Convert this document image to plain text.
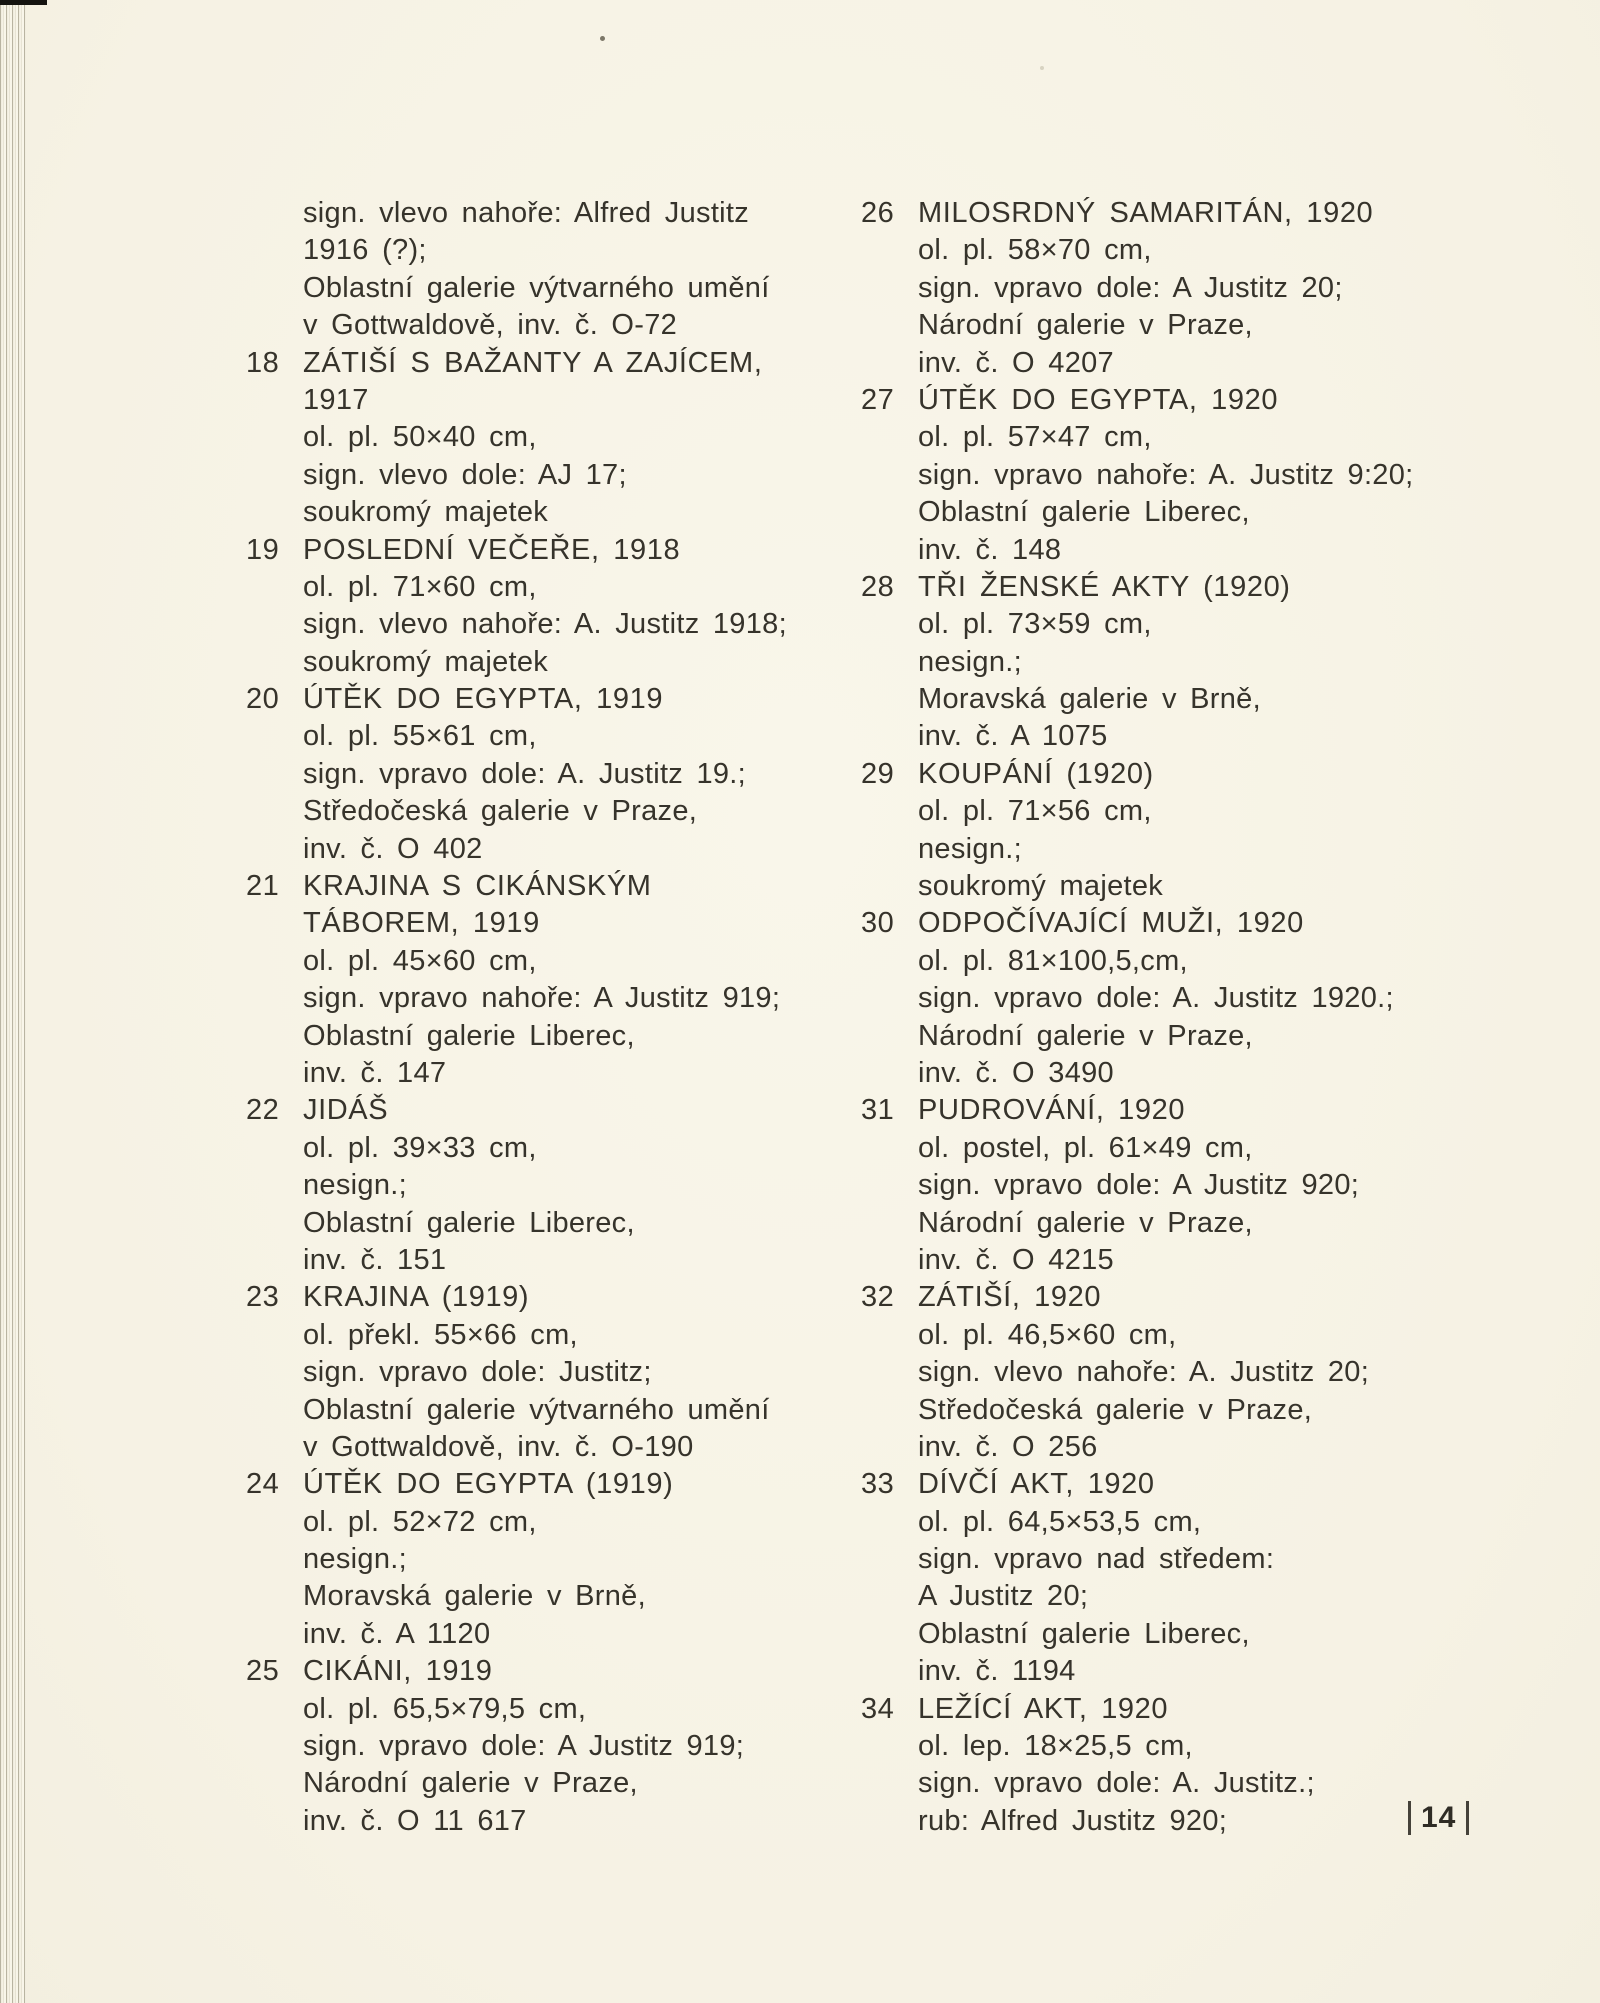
sign. vlevo nahoře: Alfred Justitz
1916 (?);
Oblastní galerie výtvarného umění
v Gottwaldově, inv. č. O-72
18 ZÁTIŠÍ S BAŽANTY A ZAJÍCEM,
1917
ol. pl. 50×40 cm,
sign. vlevo dole: AJ 17;
soukromý majetek
19 POSLEDNÍ VEČEŘE, 1918
ol. pl. 71×60 cm,
sign. vlevo nahoře: A. Justitz 1918;
soukromý majetek
20 ÚTĚK DO EGYPTA, 1919
ol. pl. 55×61 cm,
sign. vpravo dole: A. Justitz 19.;
Středočeská galerie v Praze,
inv. č. O 402
21 KRAJINA S CIKÁNSKÝM
TÁBOREM, 1919
ol. pl. 45×60 cm,
sign. vpravo nahoře: A Justitz 919;
Oblastní galerie Liberec,
inv. č. 147
22 JIDÁŠ
ol. pl. 39×33 cm,
nesign.;
Oblastní galerie Liberec,
inv. č. 151
23 KRAJINA (1919)
ol. překl. 55×66 cm,
sign. vpravo dole: Justitz;
Oblastní galerie výtvarného umění
v Gottwaldově, inv. č. O-190
24 ÚTĚK DO EGYPTA (1919)
ol. pl. 52×72 cm,
nesign.;
Moravská galerie v Brně,
inv. č. A 1120
25 CIKÁNI, 1919
ol. pl. 65,5×79,5 cm,
sign. vpravo dole: A Justitz 919;
Národní galerie v Praze,
inv. č. O 11 617
26 MILOSRDNÝ SAMARITÁN, 1920
ol. pl. 58×70 cm,
sign. vpravo dole: A Justitz 20;
Národní galerie v Praze,
inv. č. O 4207
27 ÚTĚK DO EGYPTA, 1920
ol. pl. 57×47 cm,
sign. vpravo nahoře: A. Justitz 9:20;
Oblastní galerie Liberec,
inv. č. 148
28 TŘI ŽENSKÉ AKTY (1920)
ol. pl. 73×59 cm,
nesign.;
Moravská galerie v Brně,
inv. č. A 1075
29 KOUPÁNÍ (1920)
ol. pl. 71×56 cm,
nesign.;
soukromý majetek
30 ODPOČÍVAJÍCÍ MUŽI, 1920
ol. pl. 81×100,5,cm,
sign. vpravo dole: A. Justitz 1920.;
Národní galerie v Praze,
inv. č. O 3490
31 PUDROVÁNÍ, 1920
ol. postel, pl. 61×49 cm,
sign. vpravo dole: A Justitz 920;
Národní galerie v Praze,
inv. č. O 4215
32 ZÁTIŠÍ, 1920
ol. pl. 46,5×60 cm,
sign. vlevo nahoře: A. Justitz 20;
Středočeská galerie v Praze,
inv. č. O 256
33 DÍVČÍ AKT, 1920
ol. pl. 64,5×53,5 cm,
sign. vpravo nad středem:
A Justitz 20;
Oblastní galerie Liberec,
inv. č. 1194
34 LEŽÍCÍ AKT, 1920
ol. lep. 18×25,5 cm,
sign. vpravo dole: A. Justitz.;
rub: Alfred Justitz 920;	14
